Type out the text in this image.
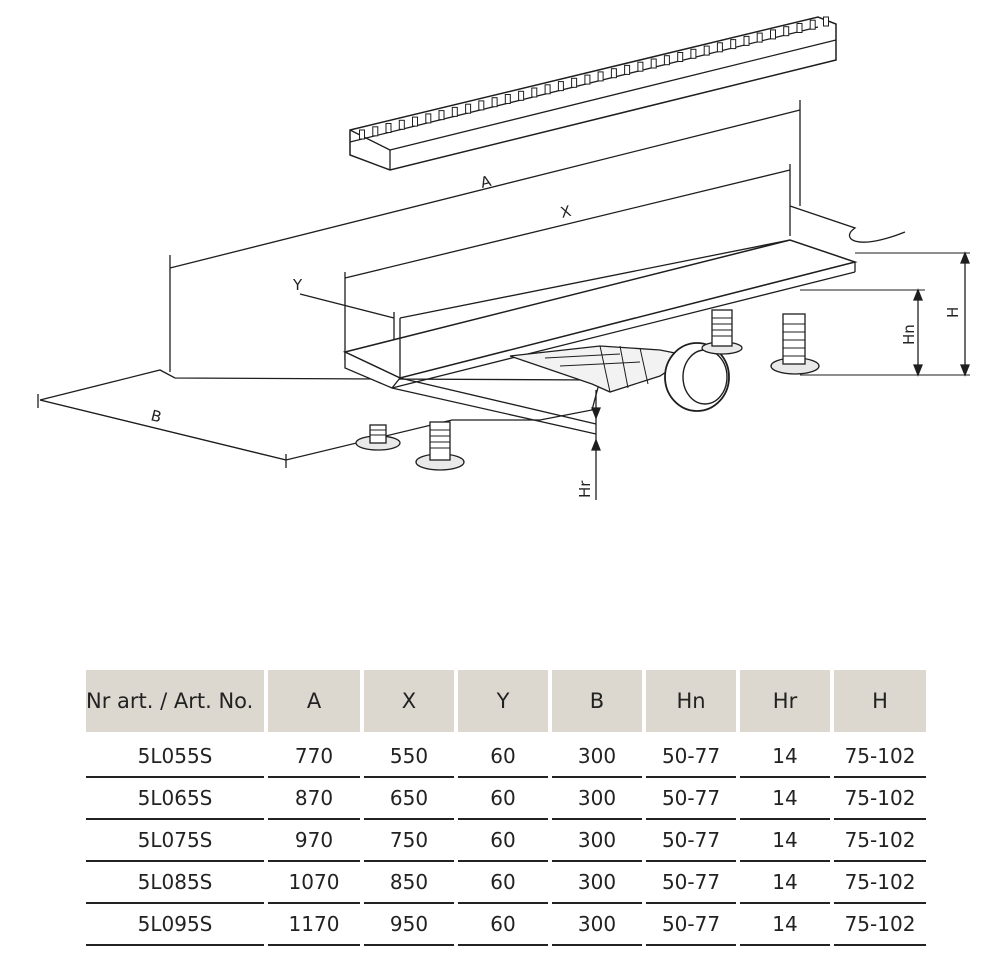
A
X
Y
B
H
Hn
Hr
Nr art. / Art. No.	A	X	Y	B	Hn	Hr	H
5L055S	770	550	60	300	50-77	14	75-102
5L065S	870	650	60	300	50-77	14	75-102
5L075S	970	750	60	300	50-77	14	75-102
5L085S	1070	850	60	300	50-77	14	75-102
5L095S	1170	950	60	300	50-77	14	75-102
